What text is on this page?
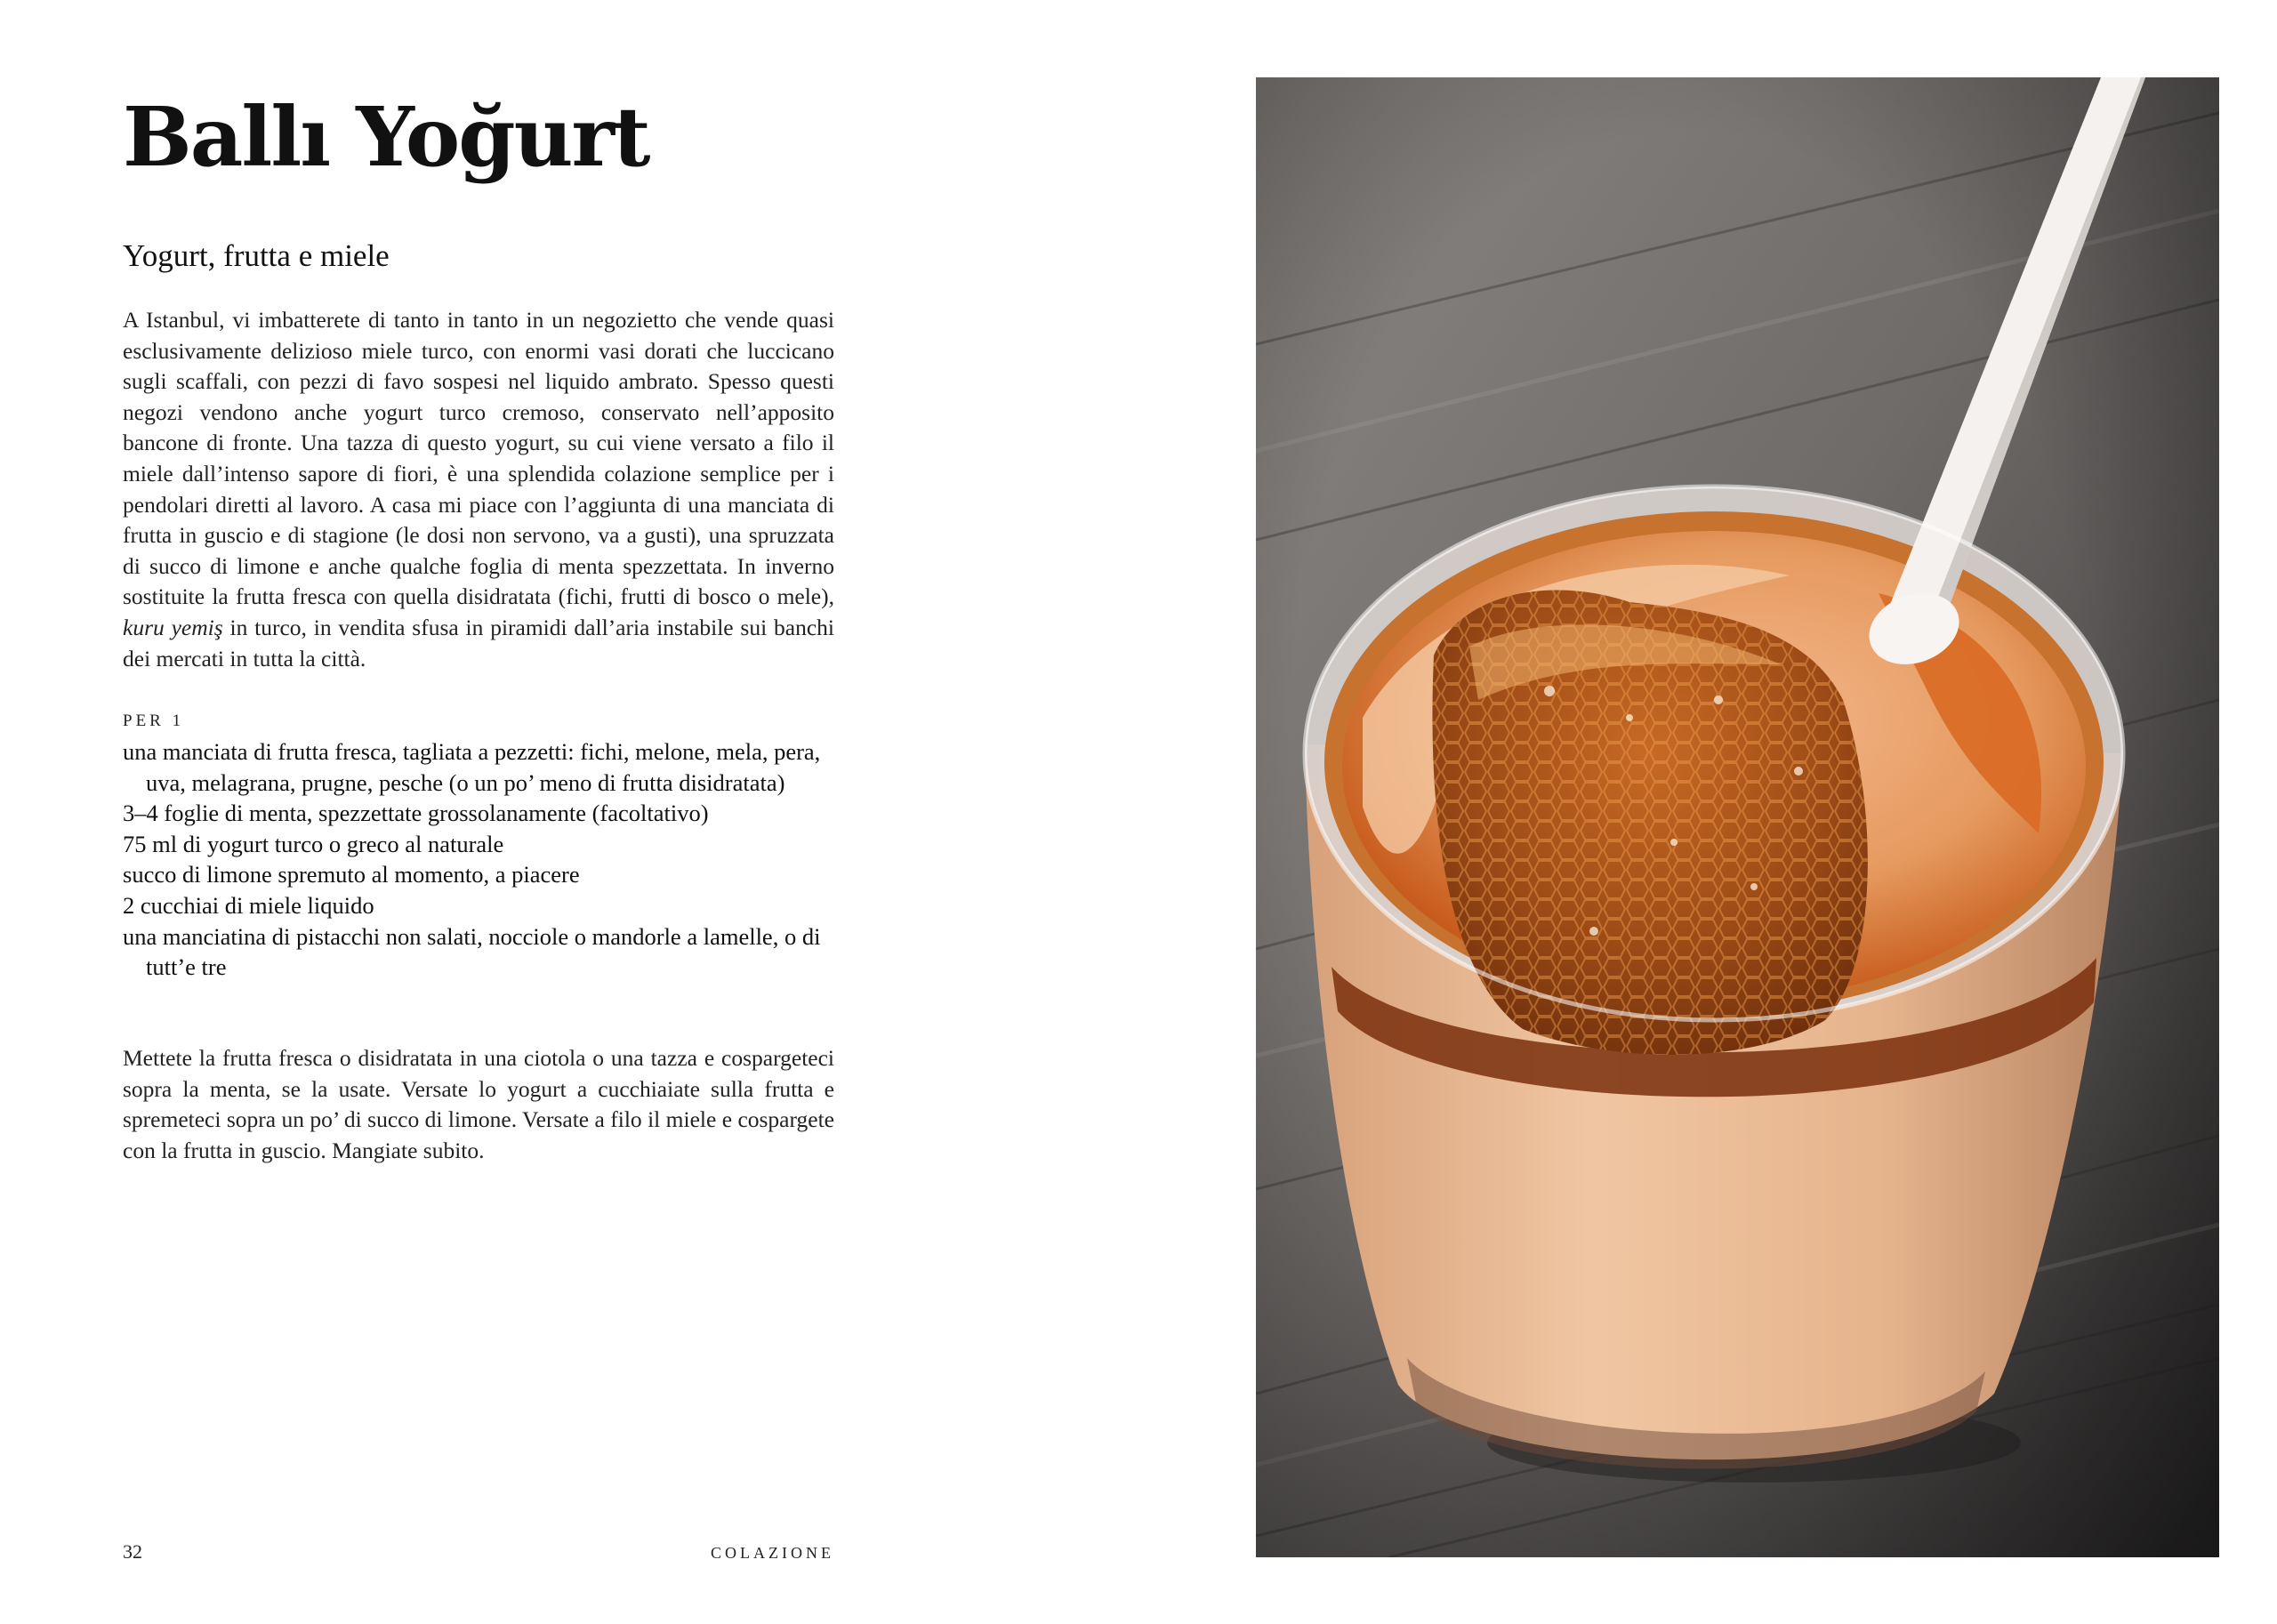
Ballı Yoğurt
Yogurt, frutta e miele

A Istanbul, vi imbatterete di tanto in tanto in un negozietto che vende quasi esclusivamente delizioso miele turco, con enormi vasi dorati che luccicano sugli scaffali, con pezzi di favo sospesi nel liquido ambrato. Spesso questi negozi vendono anche yogurt turco cremoso, conservato nell’apposito bancone di fronte. Una tazza di questo yogurt, su cui viene versato a filo il miele dall’intenso sapore di fiori, è una splendida colazione semplice per i pendolari diretti al lavoro. A casa mi piace con l’aggiunta di una manciata di frutta in guscio e di stagione (le dosi non servono, va a gusti), una spruzzata di succo di limone e anche qualche foglia di menta spezzettata. In inverno sostituite la frutta fresca con quella disidratata (fichi, frutti di bosco o mele), kuru yemiş in turco, in vendita sfusa in piramidi dall’aria instabile sui banchi dei mercati in tutta la città.

PER 1
una manciata di frutta fresca, tagliata a pezzetti: fichi, melone, mela, pera, uva, melagrana, prugne, pesche (o un po’ meno di frutta disidratata)
3–4 foglie di menta, spezzettate grossolanamente (facoltativo)
75 ml di yogurt turco o greco al naturale
succo di limone spremuto al momento, a piacere
2 cucchiai di miele liquido
una manciatina di pistacchi non salati, nocciole o mandorle a lamelle, o di tutt’e tre

Mettete la frutta fresca o disidratata in una ciotola o una tazza e cospargeteci sopra la menta, se la usate. Versate lo yogurt a cucchiaiate sulla frutta e spremeteci sopra un po’ di succo di limone. Versate a filo il miele e cospargete con la frutta in guscio. Mangiate subito.

32	COLAZIONE
